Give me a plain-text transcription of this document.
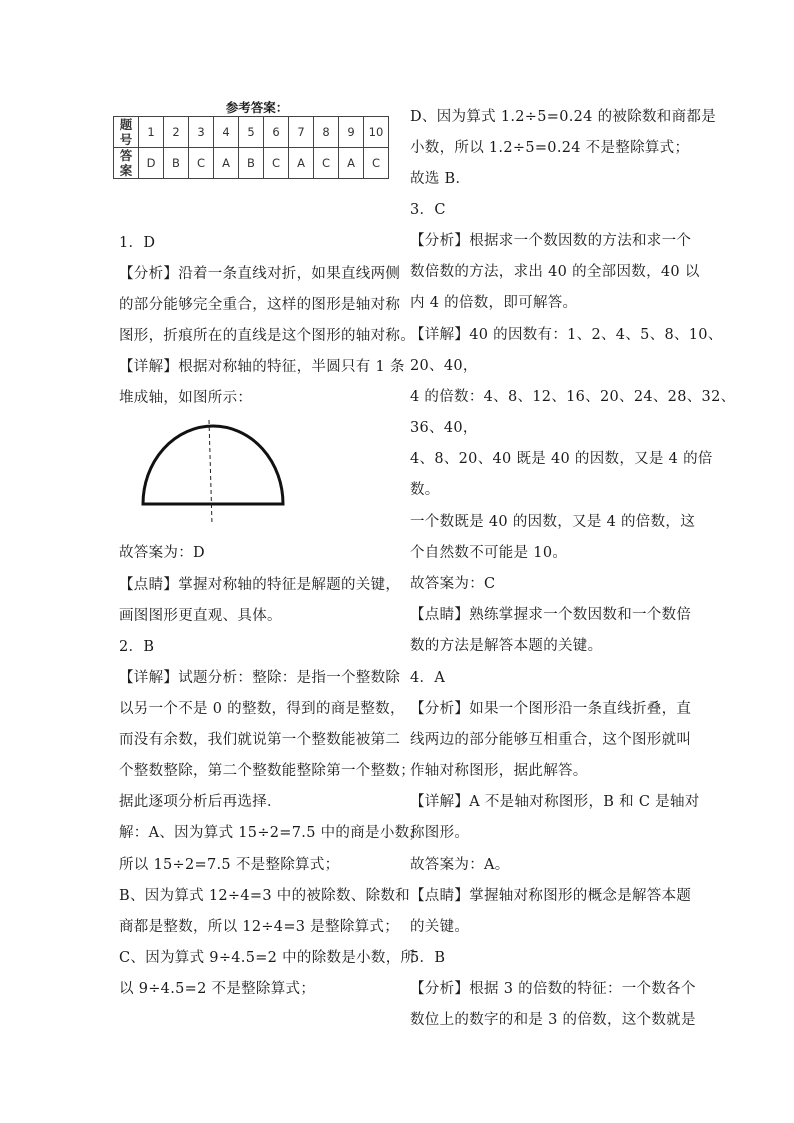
参考答案：
题
号	1	2	3	4	5	6	7	8	9	10
答
案	D	B	C	A	B	C	A	C	A	C
1．D
【分析】沿着一条直线对折，如果直线两侧
的部分能够完全重合，这样的图形是轴对称
图形，折痕所在的直线是这个图形的轴对称。
【详解】根据对称轴的特征，半圆只有 1 条
堆成轴，如图所示：
故答案为：D
【点睛】掌握对称轴的特征是解题的关键，
画图图形更直观、具体。
2．B
【详解】试题分析：整除：是指一个整数除
以另一个不是 0 的整数，得到的商是整数，
而没有余数，我们就说第一个整数能被第二
个整数整除，第二个整数能整除第一个整数；
据此逐项分析后再选择．
解：A、因为算式 15÷2=7.5 中的商是小数，
所以 15÷2=7.5 不是整除算式；
B、因为算式 12÷4=3 中的被除数、除数和
商都是整数，所以 12÷4=3 是整除算式；
C、因为算式 9÷4.5=2 中的除数是小数，所
以 9÷4.5=2 不是整除算式；
D、因为算式 1.2÷5=0.24 的被除数和商都是
小数，所以 1.2÷5=0.24 不是整除算式；
故选 B．
3．C
【分析】根据求一个数因数的方法和求一个
数倍数的方法，求出 40 的全部因数，40 以
内 4 的倍数，即可解答。
【详解】40 的因数有：1、2、4、5、8、10、
20、40，
4 的倍数：4、8、12、16、20、24、28、32、
36、40，
4、8、20、40 既是 40 的因数，又是 4 的倍
数。
一个数既是 40 的因数，又是 4 的倍数，这
个自然数不可能是 10。
故答案为：C
【点睛】熟练掌握求一个数因数和一个数倍
数的方法是解答本题的关键。
4．A
【分析】如果一个图形沿一条直线折叠，直
线两边的部分能够互相重合，这个图形就叫
作轴对称图形，据此解答。
【详解】A 不是轴对称图形，B 和 C 是轴对
称图形。
故答案为：A。
【点睛】掌握轴对称图形的概念是解答本题
的关键。
5．B
【分析】根据 3 的倍数的特征：一个数各个
数位上的数字的和是 3 的倍数，这个数就是
